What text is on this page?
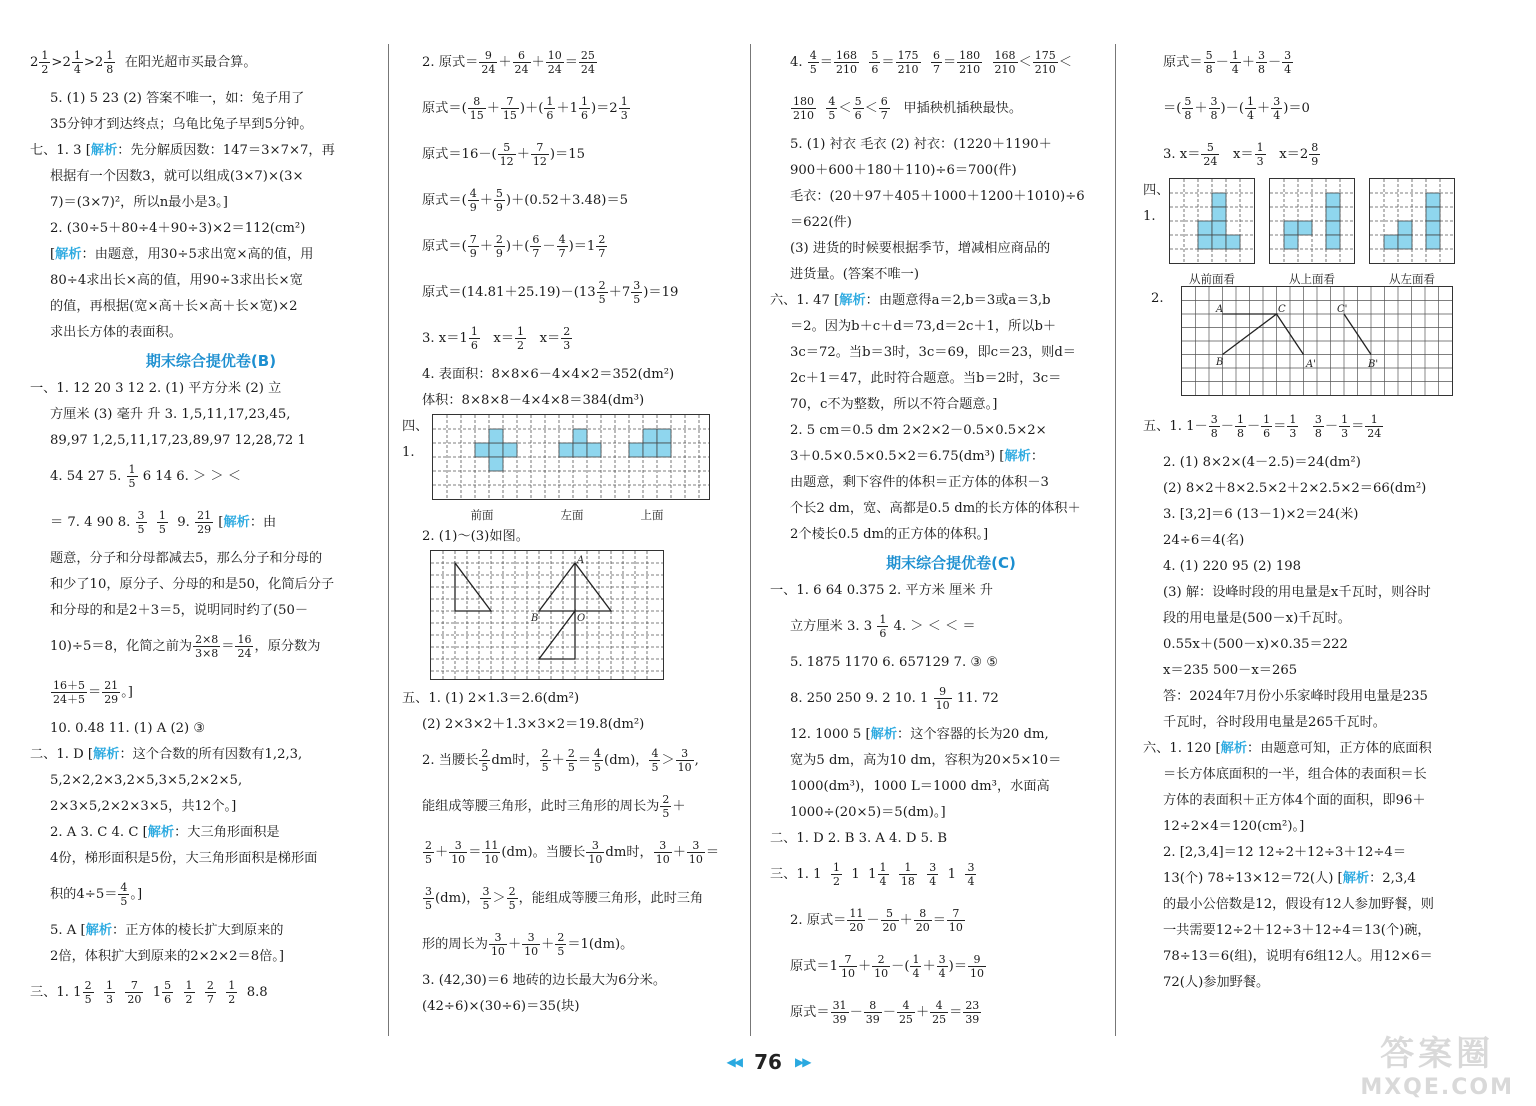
$2 \frac{1}{2} >2 \frac{1}{4} >2 \frac{1}{8}$ 在阳光超市买最合算。
5. (1) 5 23 (2) 答案不唯一，如：兔子用了
35分钟才到达终点；乌龟比兔子早到5分钟。
七、1. 3 [解析：先分解质因数：147＝3×7×7，再
根据有一个因数3，就可以组成(3×7)×(3×
7)＝(3×7)²，所以n最小是3。]
2. (30÷5＋80÷4＋90÷3)×2＝112(cm²)
[解析：由题意，用30÷5求出宽×高的值，用
80÷4求出长×高的值，用90÷3求出长×宽
的值，再根据(宽×高＋长×高＋长×宽)×2
求出长方体的表面积。
期末综合提优卷(B)
一、1. 12 20 3 12 2. (1) 平方分米 (2) 立
方厘米 (3) 毫升 升 3. 1,5,11,17,23,45,
89,97 1,2,5,11,17,23,89,97 12,28,72 1
4. 54 27 5. $\frac{1}{5} 6$ 14 6. ＞ ＞ ＜
＝ 7. 4 90 8. $\frac{3}{5}$
$\frac{1}{5} 9$. $\frac{21}{29}$ [解析：由
题意，分子和分母都减去5，那么分子和分母的
和少了10，原分子、分母的和是50，化简后分子
和分母的和是2＋3＝5，说明同时约了(50－
10)÷5＝8，化简之前为 $\frac{2\times 8}{3\times 8} = \frac{16}{24}$ ，原分数为
$\frac{16+5}{24+5} = \frac{21}{29}$ 。]
10. 0.48 11. (1) A (2) ③
二、1. D [解析：这个合数的所有因数有1,2,3,
5,2×2,2×3,2×5,3×5,2×2×5,
2×3×5,2×2×3×5，共12个。]
2. A 3. C 4. C [解析：大三角形面积是
4份，梯形面积是5份，大三角形面积是梯形面
积的$4\div 5= \frac{4}{5}$ 。]
5. A [解析：正方体的棱长扩大到原来的
2倍，体积扩大到原来的2×2×2＝8倍。]
三、1. $1 \frac{2}{5}$
$\frac{1}{3}$
$\frac{7}{20} 1 \frac{5}{6}$
$\frac{1}{2}$
$\frac{2}{7}$
$\frac{1}{2} 8.8$
2. 原式＝ $\frac{9}{24} + \frac{6}{24} + \frac{10}{24} = \frac{25}{24}$
原式＝( $\frac{8}{15} + \frac{7}{15}$ )＋( $\frac{1}{6} +1 \frac{1}{6} )=2 \frac{1}{3}$
原式$=16-( \frac{5}{12} + \frac{7}{12} )=15$
原式＝( $\frac{4}{9} + \frac{5}{9} )+(0.52+3.48)=5$
原式＝( $\frac{7}{9} + \frac{2}{9}$ )＋( $\frac{6}{7} - \frac{4}{7} )=1 \frac{2}{7}$
原式$=(14.81+25.19)-(13 \frac{2}{5} +7 \frac{3}{5} )=19$
3. $x=1 \frac{1}{6} x= \frac{1}{2} x= \frac{2}{3}$
4. 表面积：8×8×6－4×4×2＝352(dm²)
体积：8×8×8－4×4×8＝384(dm³)
四、1.
前面	左面	上面
2. (1)～(3)如图。
A
B	O
五、1. (1) 2×1.3＝2.6(dm²)
(2) 2×3×2＋1.3×3×2＝19.8(dm²)
2. 当腰长 $\frac{2}{5}$ dm时， $\frac{2}{5} + \frac{2}{5} = \frac{4}{5} (dm)$， $\frac{4}{5} > \frac{3}{10}$ ,
能组成等腰三角形，此时三角形的周长为 $\frac{2}{5}$ ＋
$\frac{2}{5} + \frac{3}{10} = \frac{11}{10} (dm)$。当腰长 $\frac{3}{10}$ dm时， $\frac{3}{10} + \frac{3}{10}$ ＝
$\frac{3}{5} (dm)$， $\frac{3}{5} > \frac{2}{5}$ ，能组成等腰三角形，此时三角
形的周长为 $\frac{3}{10} + \frac{3}{10} + \frac{2}{5} =1(dm)$。
3. (42,30)＝6 地砖的边长最大为6分米。
(42÷6)×(30÷6)＝35(块)
4. $\frac{4}{5} = \frac{168}{210}$
$\frac{5}{6} = \frac{175}{210}$
$\frac{6}{7} = \frac{180}{210}$
$\frac{168}{210} < \frac{175}{210}$ ＜
$\frac{180}{210}$
$\frac{4}{5} < \frac{5}{6} < \frac{6}{7}$ 甲插秧机插秧最快。
5. (1) 衬衣 毛衣 (2) 衬衣：(1220＋1190＋
900＋600＋180＋110)÷6＝700(件)
毛衣：(20＋97＋405＋1000＋1200＋1010)÷6
＝622(件)
(3) 进货的时候要根据季节，增减相应商品的
进货量。(答案不唯一)
六、1. 47 [解析：由题意得a＝2,b＝3或a＝3,b
＝2。因为b＋c＋d＝73,d＝2c＋1，所以b＋
3c＝72。当b＝3时，3c＝69，即c＝23，则d＝
2c＋1＝47，此时符合题意。当b＝2时，3c＝
70，c不为整数，所以不符合题意。]
2. 5 cm＝0.5 dm 2×2×2－0.5×0.5×2×
3＋0.5×0.5×0.5×2＝6.75(dm³) [解析：
由题意，剩下容件的体积＝正方体的体积－3
个长2 dm，宽、高都是0.5 dm的长方体的体积＋
2个棱长0.5 dm的正方体的体积。]
期末综合提优卷(C)
一、1. 6 64 0.375 2. 平方米 厘米 升
立方厘米 3. $3 \frac{1}{6} 4$. ＞ ＜ ＜ ＝
5. 1875 1170 6. 657129 7. ③ ⑤
8. 250 250 9. 2 10. $1 \frac{9}{10} 11$. 72
12. 1000 5 [解析：这个容器的长为20 dm,
宽为5 dm，高为10 dm，容积为20×5×10＝
1000(dm³)，1000 L＝1000 dm³，水面高
1000÷(20×5)＝5(dm)。]
二、1. D 2. B 3. A 4. D 5. B
三、1. $1 \frac{1}{2} 1$  $1 \frac{1}{4}$
$\frac{1}{18}$
$\frac{3}{4} 1 \frac{3}{4}$
2. 原式＝ $\frac{11}{20} - \frac{5}{20} + \frac{8}{20} = \frac{7}{10}$
原式$=1 \frac{7}{10} + \frac{2}{10}$ －( $\frac{1}{4} + \frac{3}{4}$ )＝ $\frac{9}{10}$
原式＝ $\frac{31}{39} - \frac{8}{39} - \frac{4}{25} + \frac{4}{25} = \frac{23}{39}$
原式＝ $\frac{5}{8} - \frac{1}{4} + \frac{3}{8} - \frac{3}{4}$
＝( $\frac{5}{8} + \frac{3}{8}$ )－( $\frac{1}{4} + \frac{3}{4} )=0$
3. $x= \frac{5}{24} x= \frac{1}{3} x=2 \frac{8}{9}$
四、1.
从前面看	从上面看	从左面看
2.
A	C
B
C'
A'	B'
五、1. $1- \frac{3}{8} - \frac{1}{8} - \frac{1}{6} = \frac{1}{3}$
$\frac{3}{8} - \frac{1}{3} = \frac{1}{24}$
2. (1) 8×2×(4－2.5)＝24(dm²)
(2) 8×2＋8×2.5×2＋2×2.5×2＝66(dm²)
3. [3,2]＝6 (13－1)×2＝24(米)
24÷6＝4(名)
4. (1) 220 95 (2) 198
(3) 解：设峰时段的用电量是x千瓦时，则谷时
段的用电量是(500－x)千瓦时。
0.55x＋(500－x)×0.35＝222
x＝235 500－x＝265
答：2024年7月份小乐家峰时段用电量是235
千瓦时，谷时段用电量是265千瓦时。
六、1. 120 [解析：由题意可知，正方体的底面积
＝长方体底面积的一半，组合体的表面积＝长
方体的表面积＋正方体4个面的面积，即96＋
12÷2×4＝120(cm²)。]
2. [2,3,4]＝12 12÷2＋12÷3＋12÷4＝
13(个) 78÷13×12＝72(人) [解析：2,3,4
的最小公倍数是12，假设有12人参加野餐，则
一共需要12÷2＋12÷3＋12÷4＝13(个)碗，
78÷13＝6(组)，说明有6组12人。用12×6＝
72(人)参加野餐。
◀◀ 76 ▶▶	答案圈
MXQE.COM
